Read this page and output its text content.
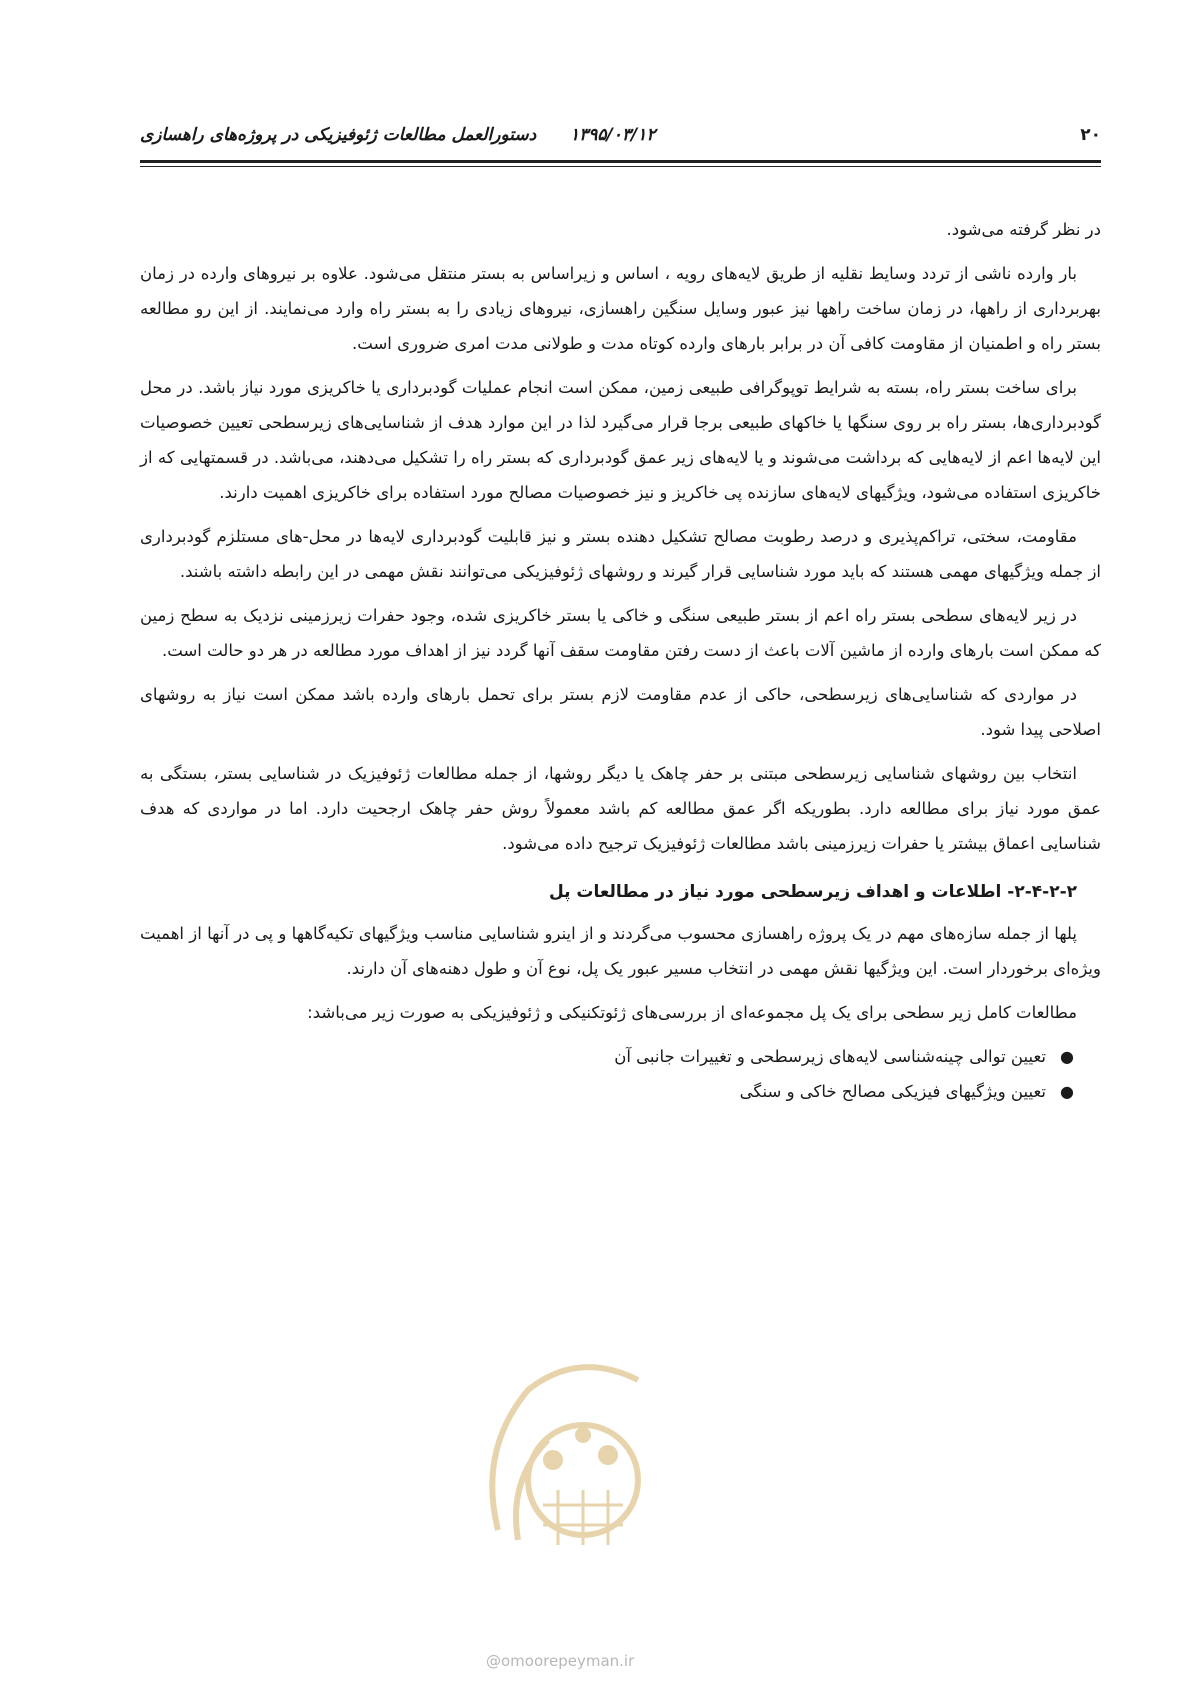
۲۰
۱۳۹۵/۰۳/۱۲
دستورالعمل مطالعات ژئوفیزیکی در پروژه‌های راهسازی

در نظر گرفته می‌شود.

بار وارده ناشی از تردد وسایط نقلیه از طریق لایه‌های رویه ، اساس و زیراساس به بستر منتقل می‌شود. علاوه بر نیروهای وارده در زمان بهربرداری از راهها، در زمان ساخت راهها نیز عبور وسایل سنگین راهسازی، نیروهای زیادی را به بستر راه وارد می‌نمایند. از این رو مطالعه بستر راه و اطمنیان از مقاومت کافی آن در برابر بارهای وارده کوتاه مدت و طولانی مدت امری ضروری است.

برای ساخت بستر راه، بسته به شرایط توپوگرافی طبیعی زمین، ممکن است انجام عملیات گودبرداری یا خاکریزی مورد نیاز باشد. در محل گودبرداری‌ها، بستر راه بر روی سنگها یا خاکهای طبیعی برجا قرار می‌گیرد لذا در این موارد هدف از شناسایی‌های زیرسطحی تعیین خصوصیات این لایه‌ها اعم از لایه‌هایی که برداشت می‌شوند و یا لایه‌های زیر عمق گودبرداری که بستر راه را تشکیل می‌دهند، می‌باشد. در قسمتهایی که از خاکریزی استفاده می‌شود، ویژگیهای لایه‌های سازنده پی خاکریز و نیز خصوصیات مصالح مورد استفاده برای خاکریزی اهمیت دارند.

مقاومت، سختی، تراکم‌پذیری و درصد رطوبت مصالح تشکیل دهنده بستر و نیز قابلیت گودبرداری لایه‌ها در محل‌-های مستلزم گودبرداری از جمله ویژگیهای مهمی هستند که باید مورد شناسایی قرار گیرند و روشهای ژئوفیزیکی می‌توانند نقش مهمی در این رابطه داشته باشند.

در زیر لایه‌های سطحی بستر راه اعم از بستر طبیعی سنگی و خاکی یا بستر خاکریزی شده، وجود حفرات زیرزمینی نزدیک به سطح زمین که ممکن است بارهای وارده از ماشین آلات باعث از دست رفتن مقاومت سقف آنها گردد نیز از اهداف مورد مطالعه در هر دو حالت است.

در مواردی که شناسایی‌های زیرسطحی، حاکی از عدم مقاومت لازم بستر برای تحمل بارهای وارده باشد ممکن است نیاز به روشهای اصلاحی پیدا شود.

انتخاب بین روشهای شناسایی زیرسطحی مبتنی بر حفر چاهک یا دیگر روشها، از جمله مطالعات ژئوفیزیک در شناسایی بستر، بستگی به عمق مورد نیاز برای مطالعه دارد. بطوریکه اگر عمق مطالعه کم باشد معمولاً روش حفر چاهک ارجحیت دارد. اما در مواردی که هدف شناسایی اعماق بیشتر یا حفرات زیرزمینی باشد مطالعات ژئوفیزیک ترجیح داده می‌شود.

۲-۴-۲-۲- اطلاعات و اهداف زیرسطحی مورد نیاز در مطالعات پل

پلها از جمله سازه‌های مهم در یک پروژه راهسازی محسوب می‌گردند و از اینرو شناسایی مناسب ویژگیهای تکیه‌گاهها و پی در آنها از اهمیت ویژه‌ای برخوردار است. این ویژگیها نقش مهمی در انتخاب مسیر عبور یک پل، نوع آن و طول دهنه‌های آن دارند.

مطالعات کامل زیر سطحی برای یک پل مجموعه‌ای از بررسی‌های ژئوتکنیکی و ژئوفیزیکی به صورت زیر می‌باشد:

●
تعیین توالی چینه‌شناسی لایه‌های زیرسطحی و تغییرات جانبی آن
●
تعیین ویژگیهای فیزیکی مصالح خاکی و سنگی
@omoorepeyman.ir
